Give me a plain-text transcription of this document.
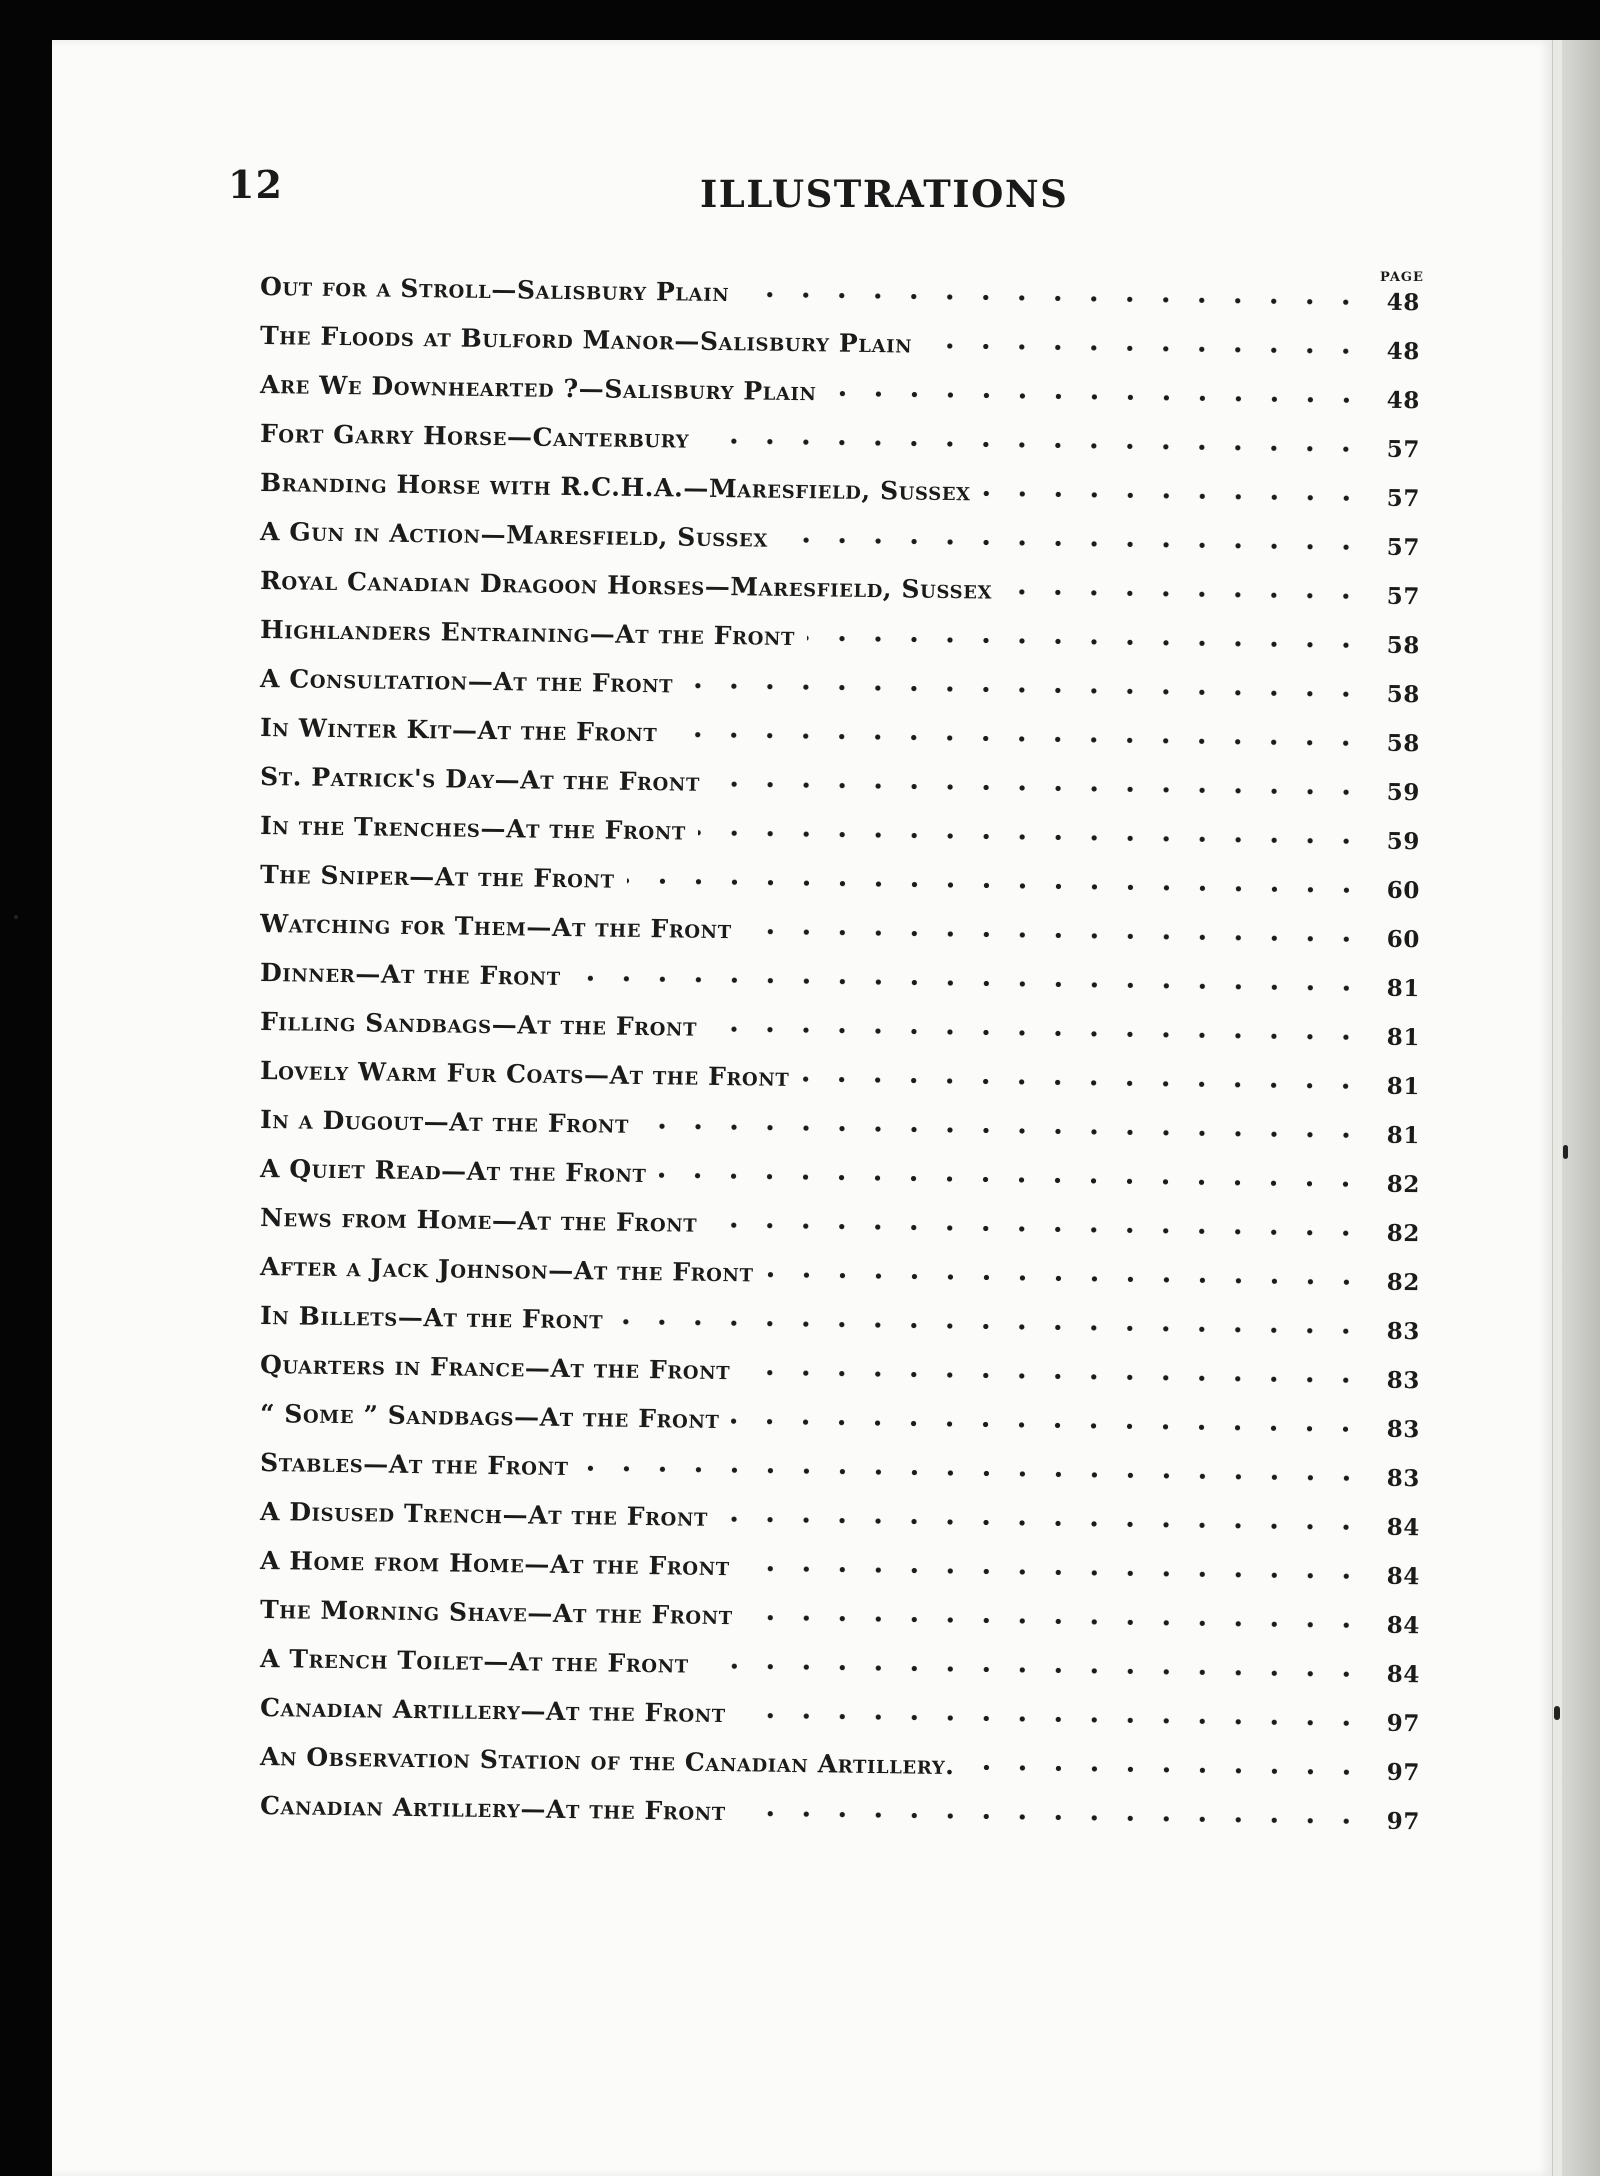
12	ILLUSTRATIONS
PAGE
Out for a Stroll—Salisbury Plain	48
The Floods at Bulford Manor—Salisbury Plain	48
Are We Downhearted ?—Salisbury Plain	48
Fort Garry Horse—Canterbury	57
Branding Horse with R.C.H.A.—Maresfield, Sussex	57
A Gun in Action—Maresfield, Sussex	57
Royal Canadian Dragoon Horses—Maresfield, Sussex	57
Highlanders Entraining—At the Front	58
A Consultation—At the Front	58
In Winter Kit—At the Front	58
St. Patrick's Day—At the Front	59
In the Trenches—At the Front	59
The Sniper—At the Front	60
Watching for Them—At the Front	60
Dinner—At the Front	81
Filling Sandbags—At the Front	81
Lovely Warm Fur Coats—At the Front	81
In a Dugout—At the Front	81
A Quiet Read—At the Front	82
News from Home—At the Front	82
After a Jack Johnson—At the Front	82
In Billets—At the Front	83
Quarters in France—At the Front	83
“ Some ” Sandbags—At the Front	83
Stables—At the Front	83
A Disused Trench—At the Front	84
A Home from Home—At the Front	84
The Morning Shave—At the Front	84
A Trench Toilet—At the Front	84
Canadian Artillery—At the Front	97
An Observation Station of the Canadian Artillery.	97
Canadian Artillery—At the Front	97
